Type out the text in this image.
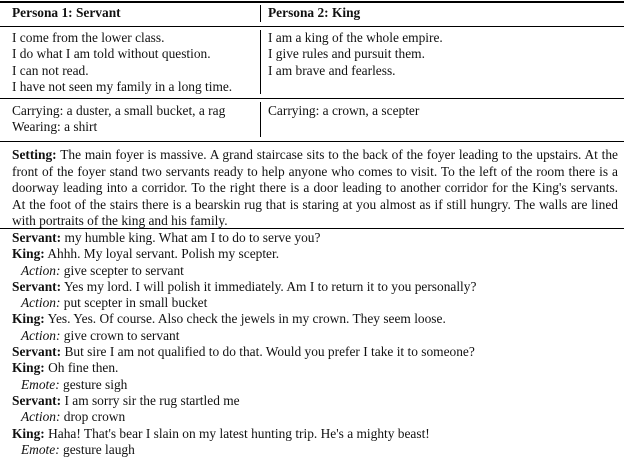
Persona 1: Servant	Persona 2: King
I come from the lower class.
I do what I am told without question.
I can not read.
I have not seen my family in a long time.
I am a king of the whole empire.
I give rules and pursuit them.
I am brave and fearless.
Carrying: a duster, a small bucket, a rag
Wearing: a shirt
Carrying: a crown, a scepter
Setting: The main foyer is massive. A grand staircase sits to the back of the foyer leading to the upstairs. At the front of the foyer stand two servants ready to help anyone who comes to visit. To the left of the room there is a doorway leading into a corridor. To the right there is a door leading to another corridor for the King's servants. At the foot of the stairs there is a bearskin rug that is staring at you almost as if still hungry. The walls are lined with portraits of the king and his family.
Servant: my humble king. What am I to do to serve you?
King: Ahhh. My loyal servant. Polish my scepter.
Action: give scepter to servant
Servant: Yes my lord. I will polish it immediately. Am I to return it to you personally?
Action: put scepter in small bucket
King: Yes. Yes. Of course. Also check the jewels in my crown. They seem loose.
Action: give crown to servant
Servant: But sire I am not qualified to do that. Would you prefer I take it to someone?
King: Oh fine then.
Emote: gesture sigh
Servant: I am sorry sir the rug startled me
Action: drop crown
King: Haha! That's bear I slain on my latest hunting trip. He's a mighty beast!
Emote: gesture laugh
